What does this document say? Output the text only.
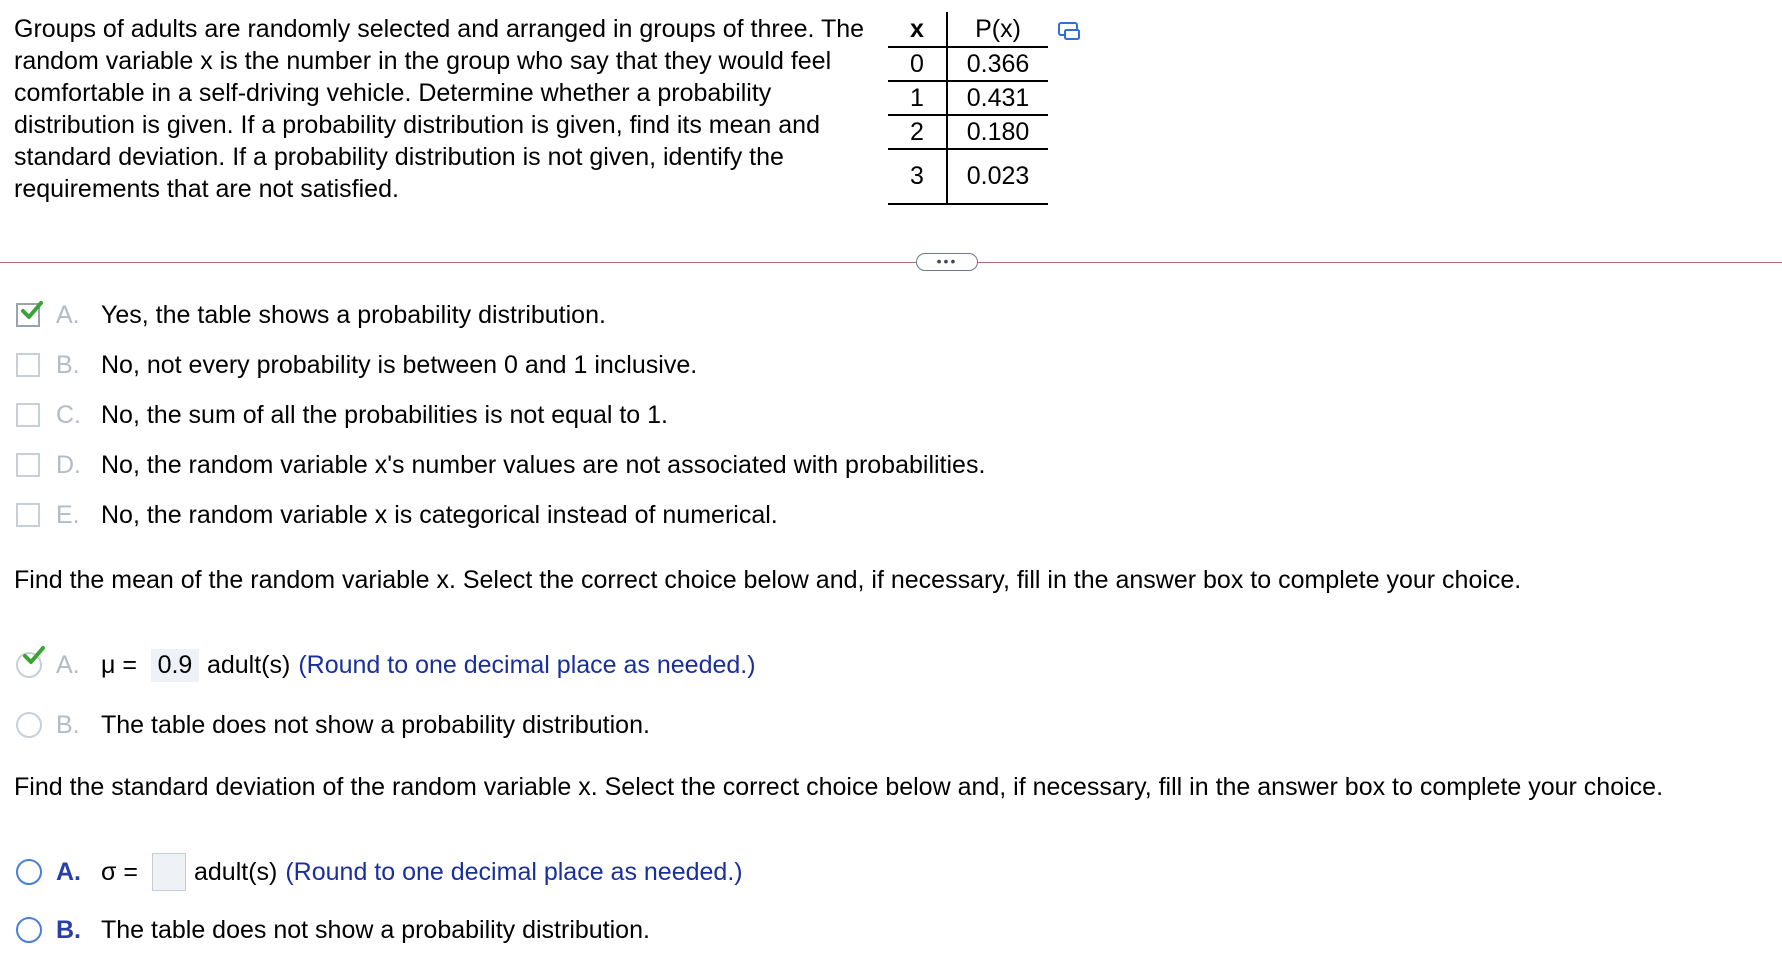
Groups of adults are randomly selected and arranged in groups of three. The random variable x is the number in the group who say that they would feel comfortable in a self-driving vehicle. Determine whether a probability distribution is given. If a probability distribution is given, find its mean and standard deviation. If a probability distribution is not given, identify the requirements that are not satisfied.

x	P(x)
0	0.366
1	0.431
2	0.180
3	0.023
•••
A. Yes, the table shows a probability distribution.
B. No, not every probability is between 0 and 1 inclusive.
C. No, the sum of all the probabilities is not equal to 1.
D. No, the random variable x's number values are not associated with probabilities.
E. No, the random variable x is categorical instead of numerical.
Find the mean of the random variable x. Select the correct choice below and, if necessary, fill in the answer box to complete your choice.
A. μ = 0.9 adult(s) (Round to one decimal place as needed.)
B. The table does not show a probability distribution.
Find the standard deviation of the random variable x. Select the correct choice below and, if necessary, fill in the answer box to complete your choice.
A. σ = adult(s) (Round to one decimal place as needed.)
B. The table does not show a probability distribution.
